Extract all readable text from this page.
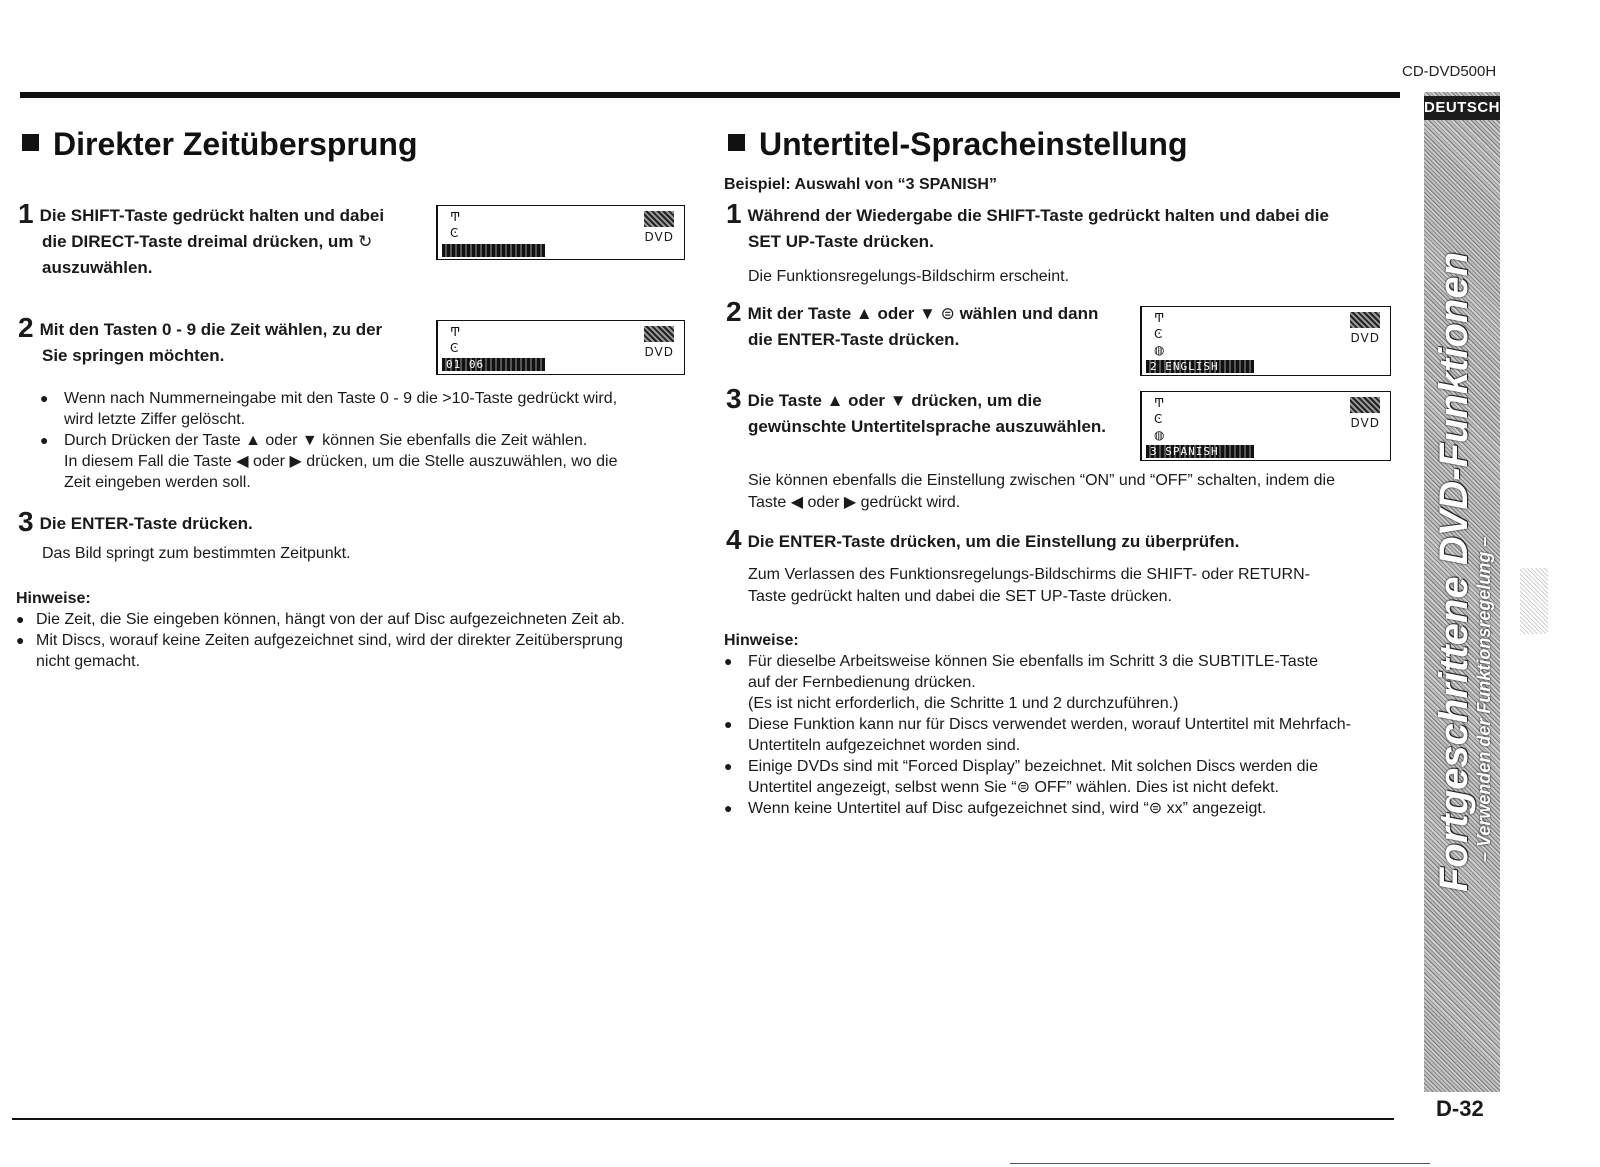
CD-DVD500H
Direkter Zeitübersprung
1 Die SHIFT-Taste gedrückt halten und dabei
die DIRECT-Taste dreimal drücken, um ↻
auszuwählen.
Ͳ
Ͼ	DVD
2 Mit den Tasten 0 - 9 die Zeit wählen, zu der
Sie springen möchten.
Ͳ
Ͼ	DVD
01 06
● Wenn nach Nummerneingabe mit den Taste 0 - 9 die >10-Taste gedrückt wird,
wird letzte Ziffer gelöscht.
● Durch Drücken der Taste ▲ oder ▼ können Sie ebenfalls die Zeit wählen.
In diesem Fall die Taste ◀ oder ▶ drücken, um die Stelle auszuwählen, wo die
Zeit eingeben werden soll.
3 Die ENTER-Taste drücken.
Das Bild springt zum bestimmten Zeitpunkt.
Hinweise:
● Die Zeit, die Sie eingeben können, hängt von der auf Disc aufgezeichneten Zeit ab.
● Mit Discs, worauf keine Zeiten aufgezeichnet sind, wird der direkter Zeitübersprung
nicht gemacht.
Untertitel-Spracheinstellung
Beispiel: Auswahl von “3 SPANISH”
1 Während der Wiedergabe die SHIFT-Taste gedrückt halten und dabei die
SET UP-Taste drücken.
Die Funktionsregelungs-Bildschirm erscheint.
2 Mit der Taste ▲ oder ▼ ⊜ wählen und dann
die ENTER-Taste drücken.
Ͳ
Ͼ
◍
DVD
2 ENGLISH
3 Die Taste ▲ oder ▼ drücken, um die
gewünschte Untertitelsprache auszuwählen.
Ͳ
Ͼ
◍
DVD
3 SPANISH
Sie können ebenfalls die Einstellung zwischen “ON” und “OFF” schalten, indem die
Taste ◀ oder ▶ gedrückt wird.
4 Die ENTER-Taste drücken, um die Einstellung zu überprüfen.
Zum Verlassen des Funktionsregelungs-Bildschirms die SHIFT- oder RETURN-
Taste gedrückt halten und dabei die SET UP-Taste drücken.
Hinweise:
● Für dieselbe Arbeitsweise können Sie ebenfalls im Schritt 3 die SUBTITLE-Taste
auf der Fernbedienung drücken.
(Es ist nicht erforderlich, die Schritte 1 und 2 durchzuführen.)
● Diese Funktion kann nur für Discs verwendet werden, worauf Untertitel mit Mehrfach-
Untertiteln aufgezeichnet worden sind.
● Einige DVDs sind mit “Forced Display” bezeichnet. Mit solchen Discs werden die
Untertitel angezeigt, selbst wenn Sie “⊜ OFF” wählen. Dies ist nicht defekt.
● Wenn keine Untertitel auf Disc aufgezeichnet sind, wird “⊜ xx” angezeigt.
DEUTSCH
Fortgeschrittene DVD-Funktionen
– Verwenden der Funktionsregelung –
D-32
